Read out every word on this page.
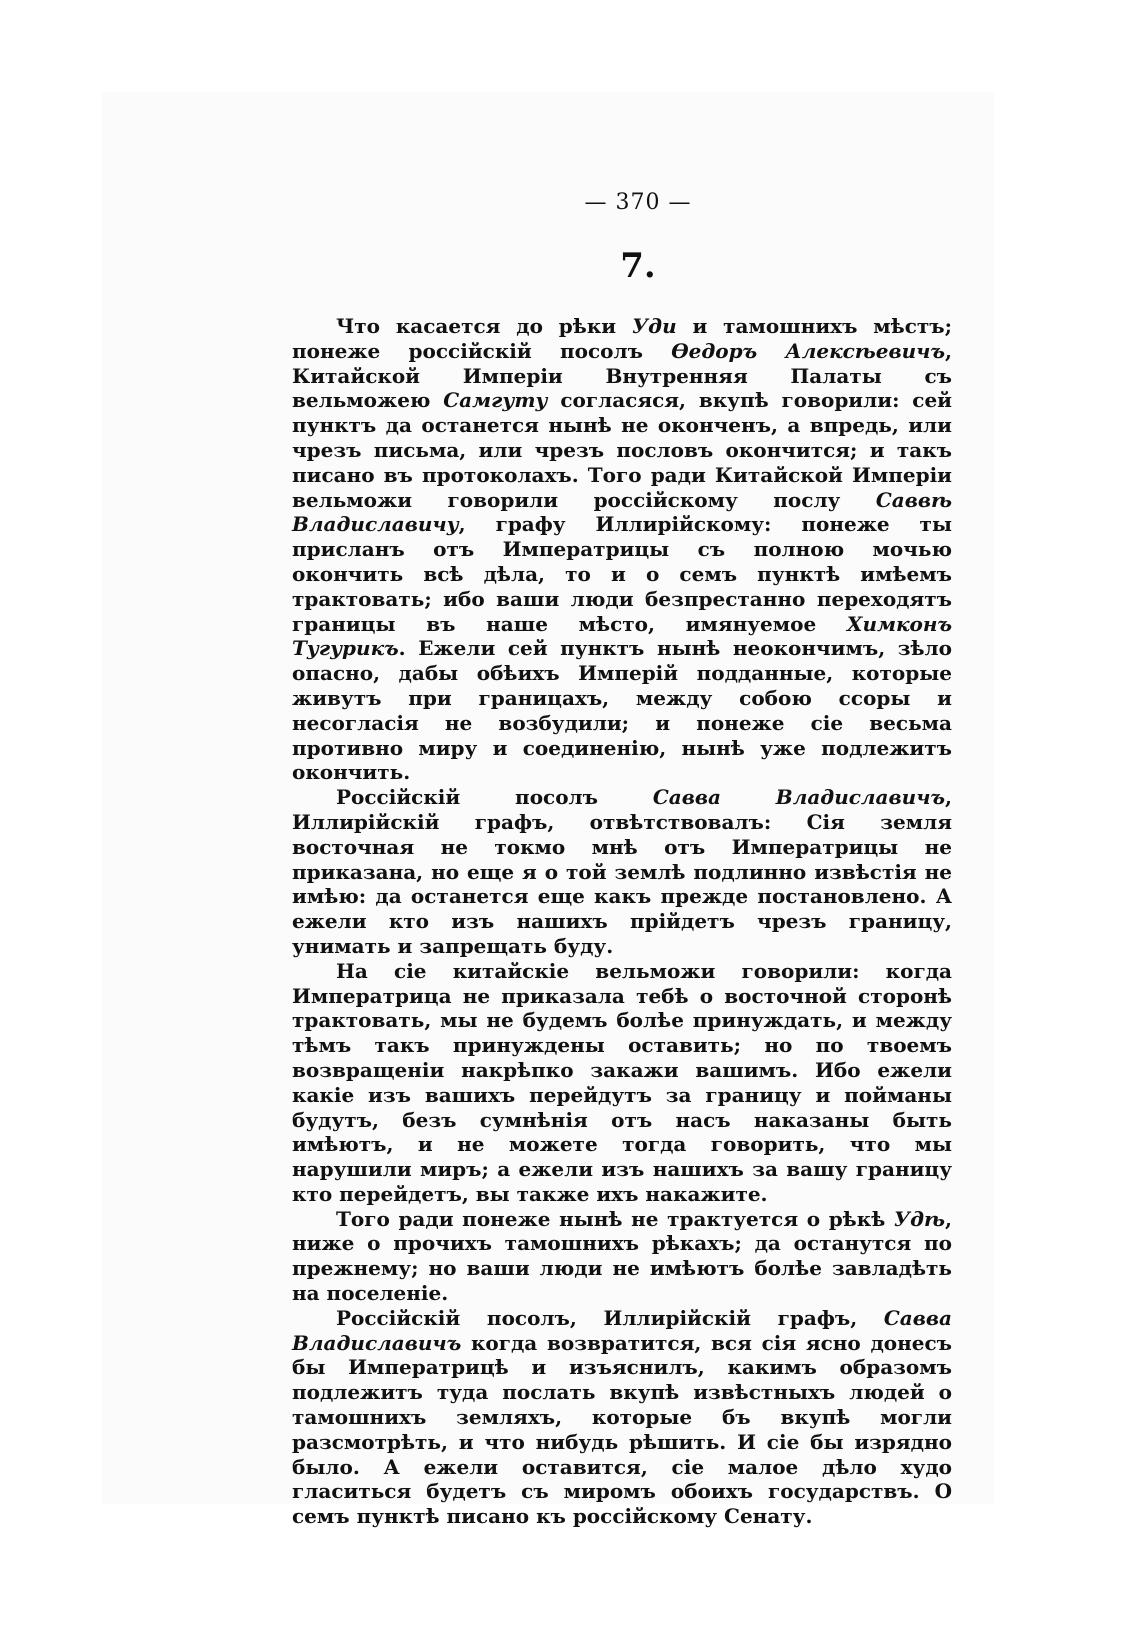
— 370 —
7.

Что касается до рѣки Уди и тамошнихъ мѣстъ; понеже россійскій посолъ Ѳедоръ Алексѣевичъ, Китайской Имперіи Внутренняя Палаты съ вельможею Самгуту согласяся, вкупѣ говорили: сей пунктъ да останется нынѣ не оконченъ, а впредь, или чрезъ письма, или чрезъ пословъ окончится; и такъ писано въ протоколахъ. Того ради Китайской Имперіи вельможи говорили россійскому послу Саввѣ Владиславичу, графу Иллирійскому: понеже ты присланъ отъ Императрицы съ полною мочью окончить всѣ дѣла, то и о семъ пунктѣ имѣемъ трактовать; ибо ваши люди безпрестанно переходятъ границы въ наше мѣсто, имянуемое Химконъ Тугурикъ. Ежели сей пунктъ нынѣ неокончимъ, зѣло опасно, дабы обѣихъ Имперій подданные, которые живутъ при границахъ, между собою ссоры и несогласія не возбудили; и понеже сіе весьма противно миру и соединенію, нынѣ уже подлежитъ окончить.

Россійскій посолъ Савва Владиславичъ, Иллирійскій графъ, отвѣтствовалъ: Сія земля восточная не токмо мнѣ отъ Императрицы не приказана, но еще я о той землѣ подлинно извѣстія не имѣю: да останется еще какъ прежде постановлено. А ежели кто изъ нашихъ прійдетъ чрезъ границу, унимать и запрещать буду.

На сіе китайскіе вельможи говорили: когда Императрица не приказала тебѣ о восточной сторонѣ трактовать, мы не будемъ болѣе принуждать, и между тѣмъ такъ принуждены оставить; но по твоемъ возвращеніи накрѣпко закажи вашимъ. Ибо ежели какіе изъ вашихъ перейдутъ за границу и пойманы будутъ, безъ сумнѣнія отъ насъ наказаны быть имѣютъ, и не можете тогда говорить, что мы нарушили миръ; а ежели изъ нашихъ за вашу границу кто перейдетъ, вы также ихъ накажите.

Того ради понеже нынѣ не трактуется о рѣкѣ Удѣ, ниже о прочихъ тамошнихъ рѣкахъ; да останутся по прежнему; но ваши люди не имѣютъ болѣе завладѣть на поселеніе.

Россійскій посолъ, Иллирійскій графъ, Савва Владиславичъ когда возвратится, вся сія ясно донесъ бы Императрицѣ и изъяснилъ, какимъ образомъ подлежитъ туда послать вкупѣ извѣстныхъ людей о тамошнихъ земляхъ, которые бъ вкупѣ могли разсмотрѣть, и что нибудь рѣшить. И сіе бы изрядно было. А ежели оставится, сіе малое дѣло худо гласиться будетъ съ миромъ обоихъ государствъ. О семъ пунктѣ писано къ россійскому Сенату.
